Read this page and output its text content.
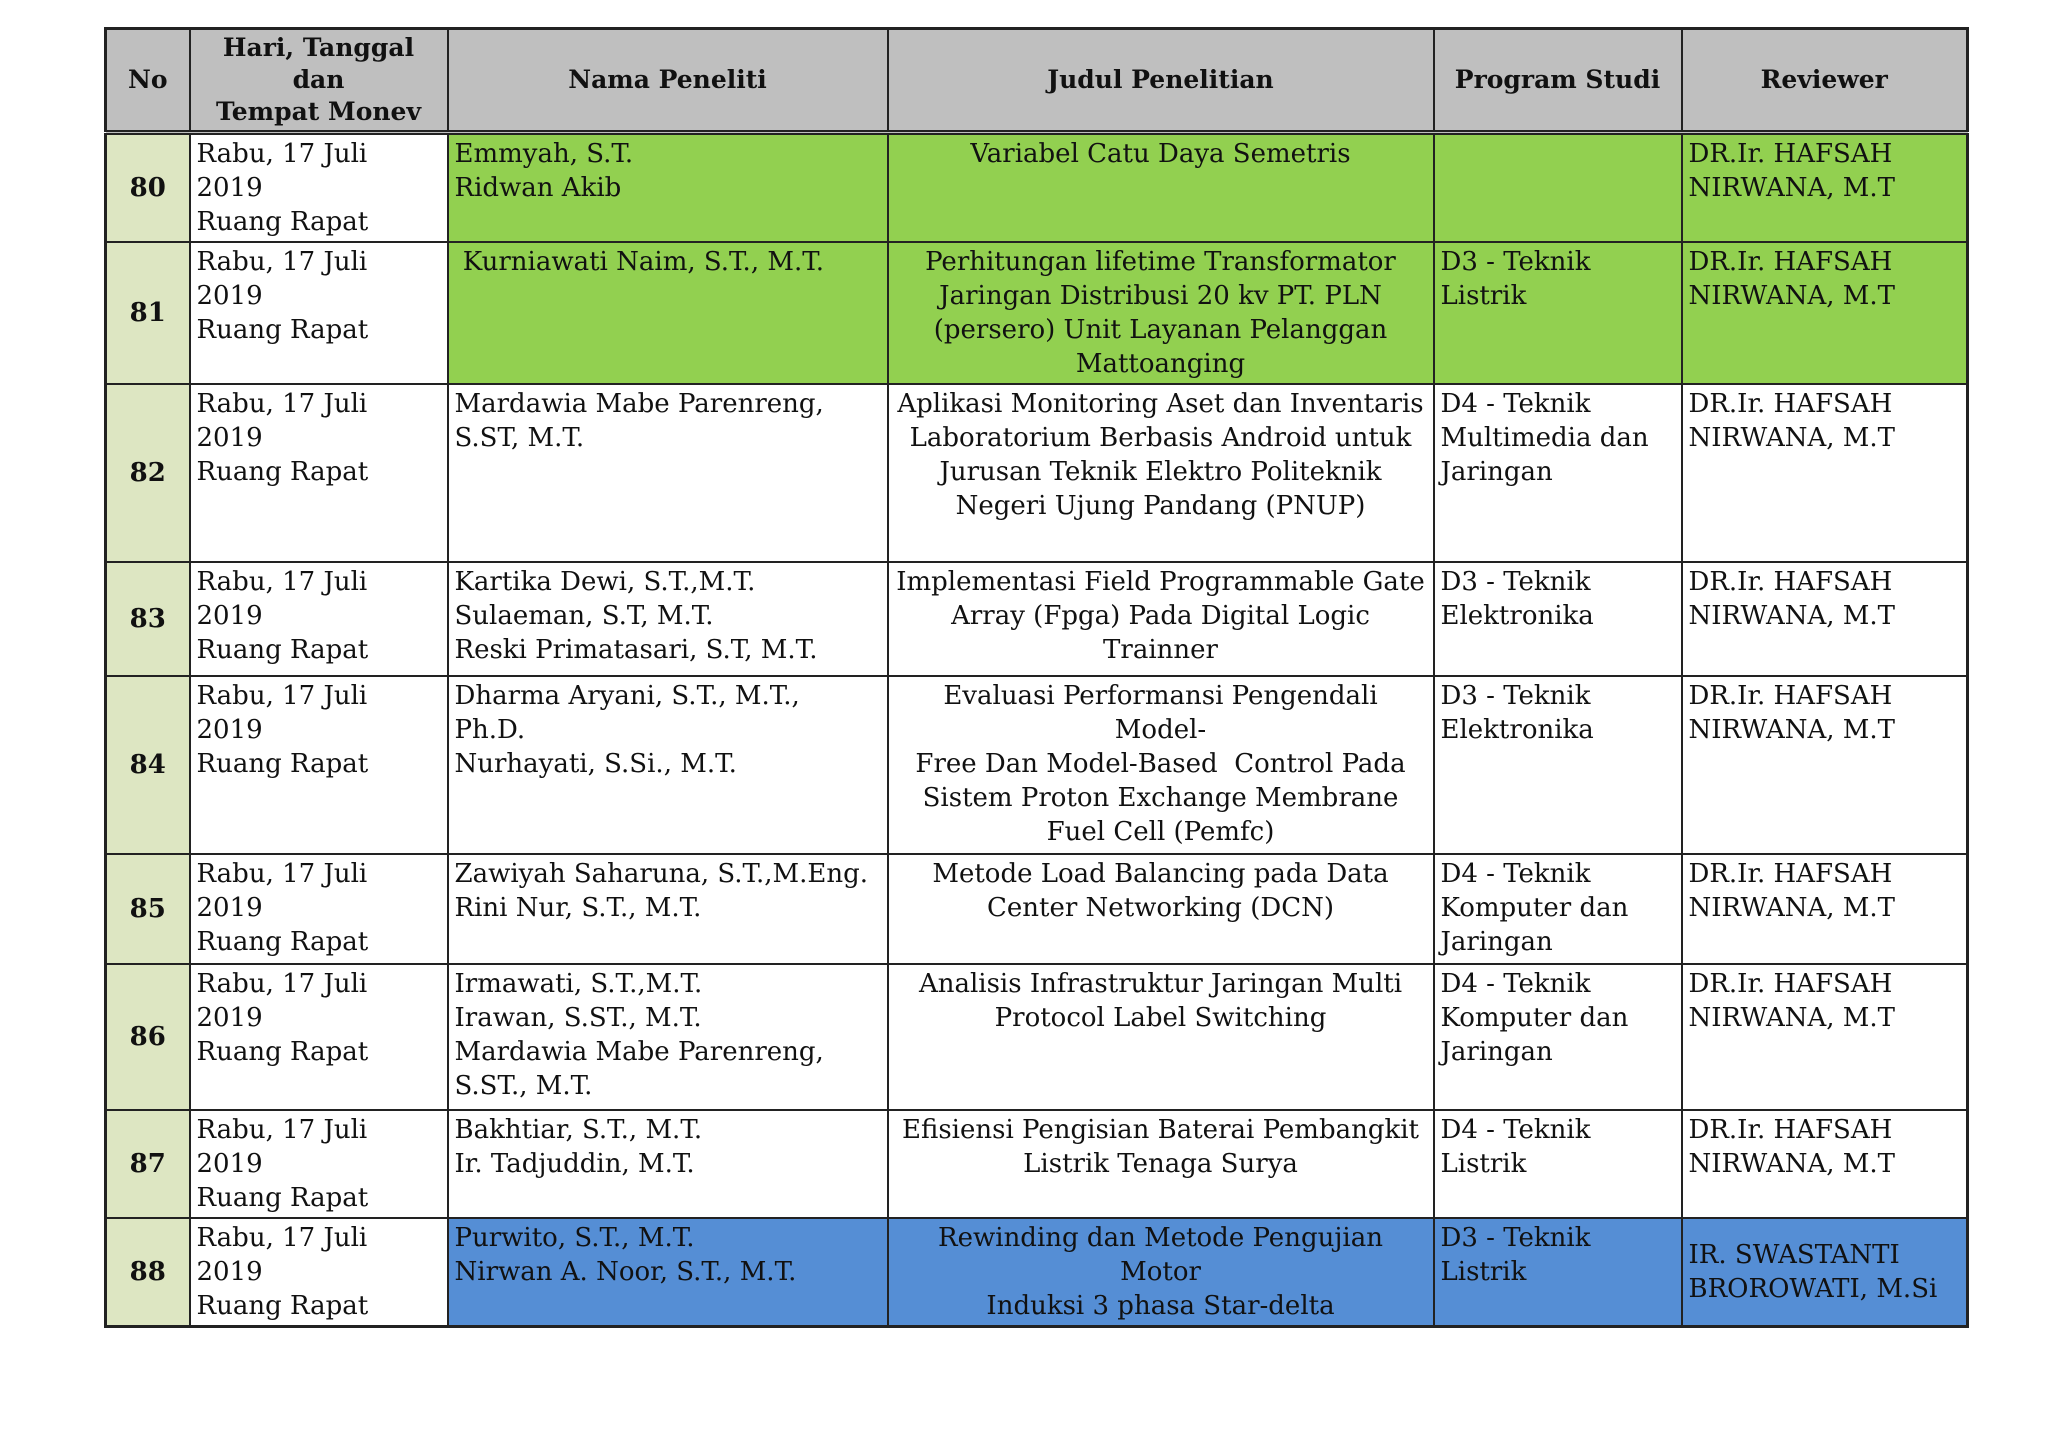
No	Hari, Tanggal dan
Tempat Monev	Nama Peneliti	Judul Penelitian	Program Studi	Reviewer
80	Rabu, 17 Juli
2019
Ruang Rapat	Emmyah, S.T.
Ridwan Akib	Variabel Catu Daya Semetris		DR.Ir. HAFSAH
NIRWANA, M.T

81	Rabu, 17 Juli
2019
Ruang Rapat	Kurniawati Naim, S.T., M.T.	Perhitungan lifetime Transformator
Jaringan Distribusi 20 kv PT. PLN
(persero) Unit Layanan Pelanggan
Mattoanging	D3 - Teknik
Listrik	DR.Ir. HAFSAH
NIRWANA, M.T

82	Rabu, 17 Juli
2019
Ruang Rapat	Mardawia Mabe Parenreng,
S.ST, M.T.	Aplikasi Monitoring Aset dan Inventaris
Laboratorium Berbasis Android untuk
Jurusan Teknik Elektro Politeknik
Negeri Ujung Pandang (PNUP)	D4 - Teknik
Multimedia dan
Jaringan	DR.Ir. HAFSAH
NIRWANA, M.T

83	Rabu, 17 Juli
2019
Ruang Rapat	Kartika Dewi, S.T.,M.T.
Sulaeman, S.T, M.T.
Reski Primatasari, S.T, M.T.	Implementasi Field Programmable Gate
Array (Fpga) Pada Digital Logic Trainner	D3 - Teknik
Elektronika	DR.Ir. HAFSAH
NIRWANA, M.T

84	Rabu, 17 Juli
2019
Ruang Rapat	Dharma Aryani, S.T., M.T.,
Ph.D.
Nurhayati, S.Si., M.T.	Evaluasi Performansi Pengendali Model-
Free Dan Model-Based  Control Pada
Sistem Proton Exchange Membrane
Fuel Cell (Pemfc)	D3 - Teknik
Elektronika	DR.Ir. HAFSAH
NIRWANA, M.T

85	Rabu, 17 Juli
2019
Ruang Rapat	Zawiyah Saharuna, S.T.,M.Eng.
Rini Nur, S.T., M.T.	Metode Load Balancing pada Data
Center Networking (DCN)	D4 - Teknik
Komputer dan
Jaringan	DR.Ir. HAFSAH
NIRWANA, M.T

86	Rabu, 17 Juli
2019
Ruang Rapat	Irmawati, S.T.,M.T.
Irawan, S.ST., M.T.
Mardawia Mabe Parenreng,
S.ST., M.T.	Analisis Infrastruktur Jaringan Multi
Protocol Label Switching	D4 - Teknik
Komputer dan
Jaringan	DR.Ir. HAFSAH
NIRWANA, M.T

87	Rabu, 17 Juli
2019
Ruang Rapat	Bakhtiar, S.T., M.T.
Ir. Tadjuddin, M.T.	Efisiensi Pengisian Baterai Pembangkit
Listrik Tenaga Surya	D4 - Teknik
Listrik	DR.Ir. HAFSAH
NIRWANA, M.T

88	Rabu, 17 Juli
2019
Ruang Rapat	Purwito, S.T., M.T.
Nirwan A. Noor, S.T., M.T.	Rewinding dan Metode Pengujian Motor
Induksi 3 phasa Star-delta	D3 - Teknik
Listrik	IR. SWASTANTI
BROROWATI, M.Si
